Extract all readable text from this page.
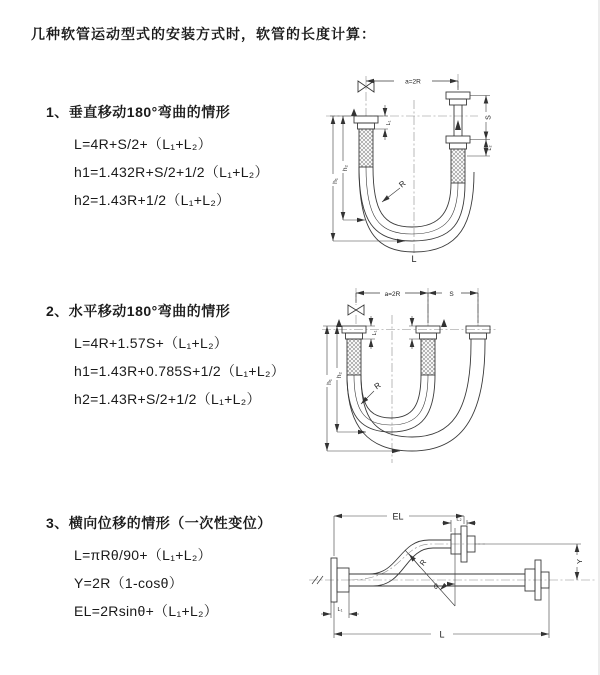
几种软管运动型式的安装方式时，软管的长度计算：
1、垂直移动180°弯曲的情形
L=4R+S/2+（L₁+L₂）
h1=1.432R+S/2+1/2（L₁+L₂）
h2=1.43R+1/2（L₁+L₂）
2、水平移动180°弯曲的情形
L=4R+1.57S+（L₁+L₂）
h1=1.43R+0.785S+1/2（L₁+L₂）
h2=1.43R+S/2+1/2（L₁+L₂）
3、横向位移的情形（一次性变位）
L=πRθ/90+（L₁+L₂）
Y=2R（1-cosθ）
EL=2Rsinθ+（L₁+L₂）
a=2R
L₁
S
L₂
h₂
h₁	R
L
a=2R	S
L₁
h₂
h₁	R
EL	L₂
Y
R
θ
L₁
L
